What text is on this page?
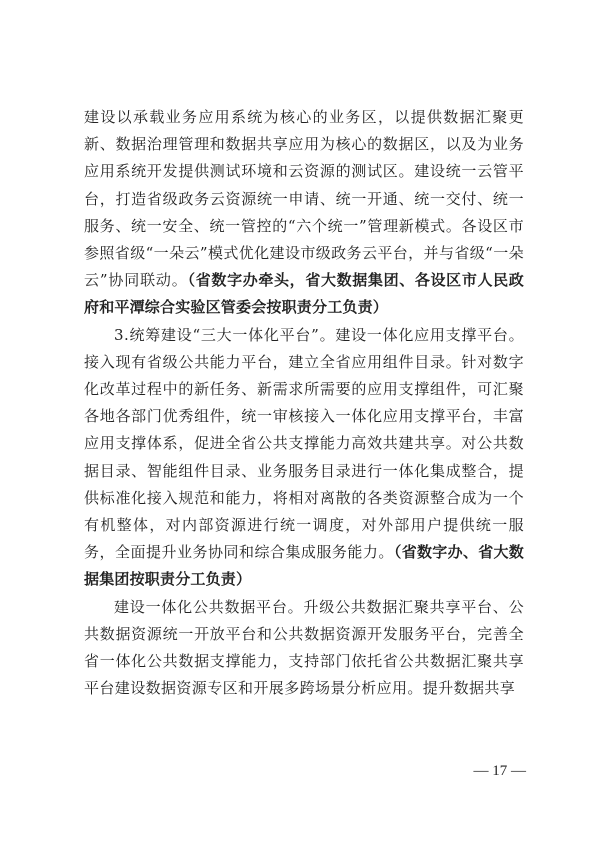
建设以承载业务应用系统为核心的业务区，以提供数据汇聚更新、数据治理管理和数据共享应用为核心的数据区，以及为业务应用系统开发提供测试环境和云资源的测试区。建设统一云管平台，打造省级政务云资源统一申请、统一开通、统一交付、统一服务、统一安全、统一管控的“六个统一”管理新模式。各设区市参照省级“一朵云”模式优化建设市级政务云平台，并与省级“一朵云”协同联动。（省数字办牵头，省大数据集团、各设区市人民政府和平潭综合实验区管委会按职责分工负责）

3.统筹建设“三大一体化平台”。建设一体化应用支撑平台。接入现有省级公共能力平台，建立全省应用组件目录。针对数字化改革过程中的新任务、新需求所需要的应用支撑组件，可汇聚各地各部门优秀组件，统一审核接入一体化应用支撑平台，丰富应用支撑体系，促进全省公共支撑能力高效共建共享。对公共数据目录、智能组件目录、业务服务目录进行一体化集成整合，提供标准化接入规范和能力，将相对离散的各类资源整合成为一个有机整体，对内部资源进行统一调度，对外部用户提供统一服务，全面提升业务协同和综合集成服务能力。（省数字办、省大数据集团按职责分工负责）

建设一体化公共数据平台。升级公共数据汇聚共享平台、公共数据资源统一开放平台和公共数据资源开发服务平台，完善全省一体化公共数据支撑能力，支持部门依托省公共数据汇聚共享平台建设数据资源专区和开展多跨场景分析应用。提升数据共享

— 17 —
